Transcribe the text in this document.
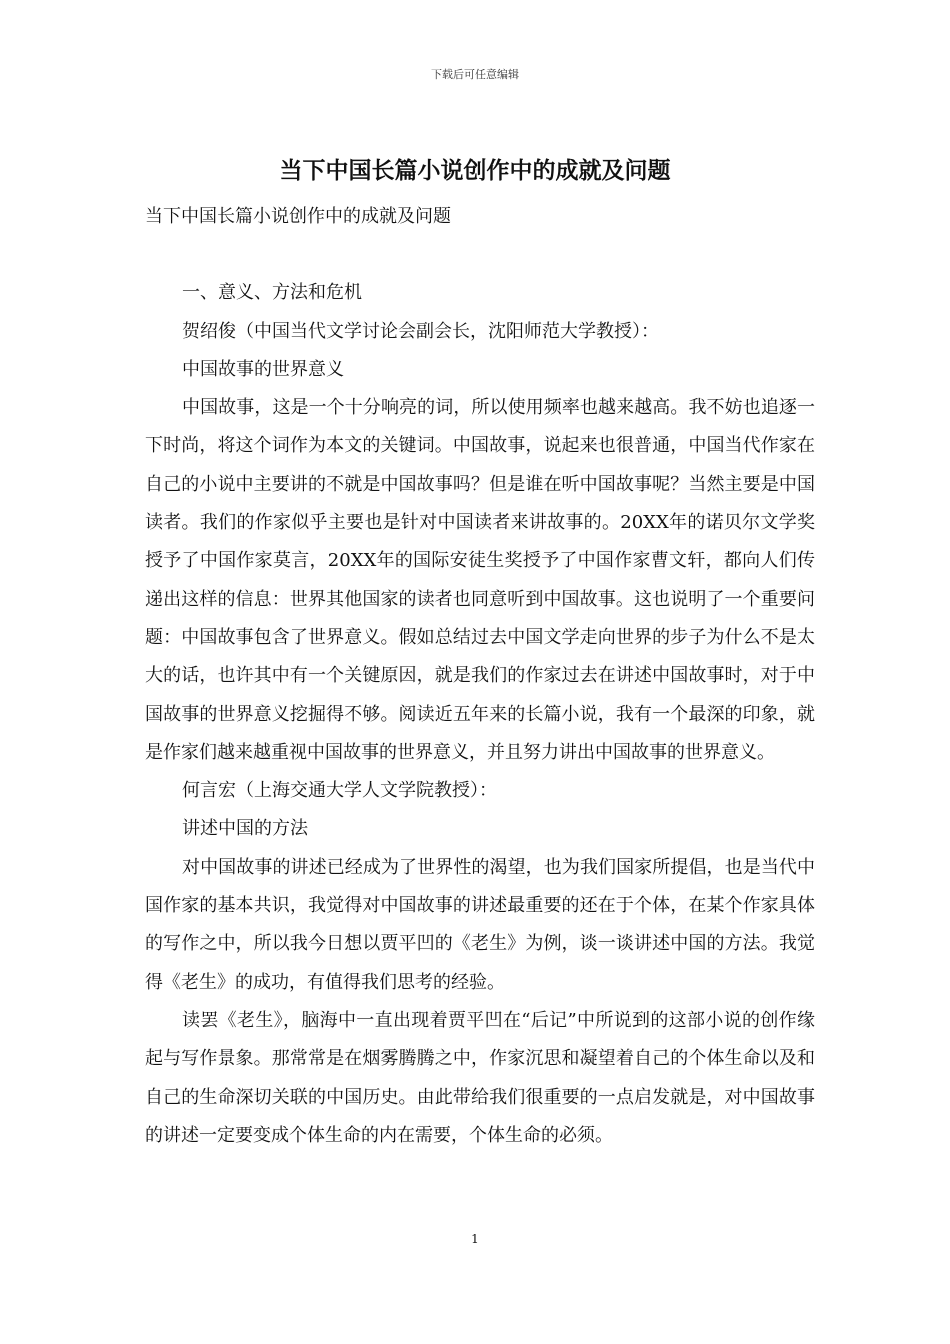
下载后可任意编辑
当下中国长篇小说创作中的成就及问题

当下中国长篇小说创作中的成就及问题

一、意义、方法和危机

贺绍俊（中国当代文学讨论会副会长，沈阳师范大学教授）：

中国故事的世界意义

中国故事，这是一个十分响亮的词，所以使用频率也越来越高。我不妨也追逐一下时尚，将这个词作为本文的关键词。中国故事，说起来也很普通，中国当代作家在自己的小说中主要讲的不就是中国故事吗？但是谁在听中国故事呢？当然主要是中国读者。我们的作家似乎主要也是针对中国读者来讲故事的。20XX年的诺贝尔文学奖授予了中国作家莫言，20XX年的国际安徒生奖授予了中国作家曹文轩，都向人们传递出这样的信息：世界其他国家的读者也同意听到中国故事。这也说明了一个重要问题：中国故事包含了世界意义。假如总结过去中国文学走向世界的步子为什么不是太大的话，也许其中有一个关键原因，就是我们的作家过去在讲述中国故事时，对于中国故事的世界意义挖掘得不够。阅读近五年来的长篇小说，我有一个最深的印象，就是作家们越来越重视中国故事的世界意义，并且努力讲出中国故事的世界意义。

何言宏（上海交通大学人文学院教授）：

讲述中国的方法

对中国故事的讲述已经成为了世界性的渴望，也为我们国家所提倡，也是当代中国作家的基本共识，我觉得对中国故事的讲述最重要的还在于个体，在某个作家具体的写作之中，所以我今日想以贾平凹的《老生》为例，谈一谈讲述中国的方法。我觉得《老生》的成功，有值得我们思考的经验。

读罢《老生》，脑海中一直出现着贾平凹在“后记”中所说到的这部小说的创作缘起与写作景象。那常常是在烟雾腾腾之中，作家沉思和凝望着自己的个体生命以及和自己的生命深切关联的中国历史。由此带给我们很重要的一点启发就是，对中国故事的讲述一定要变成个体生命的内在需要，个体生命的必须。

1
